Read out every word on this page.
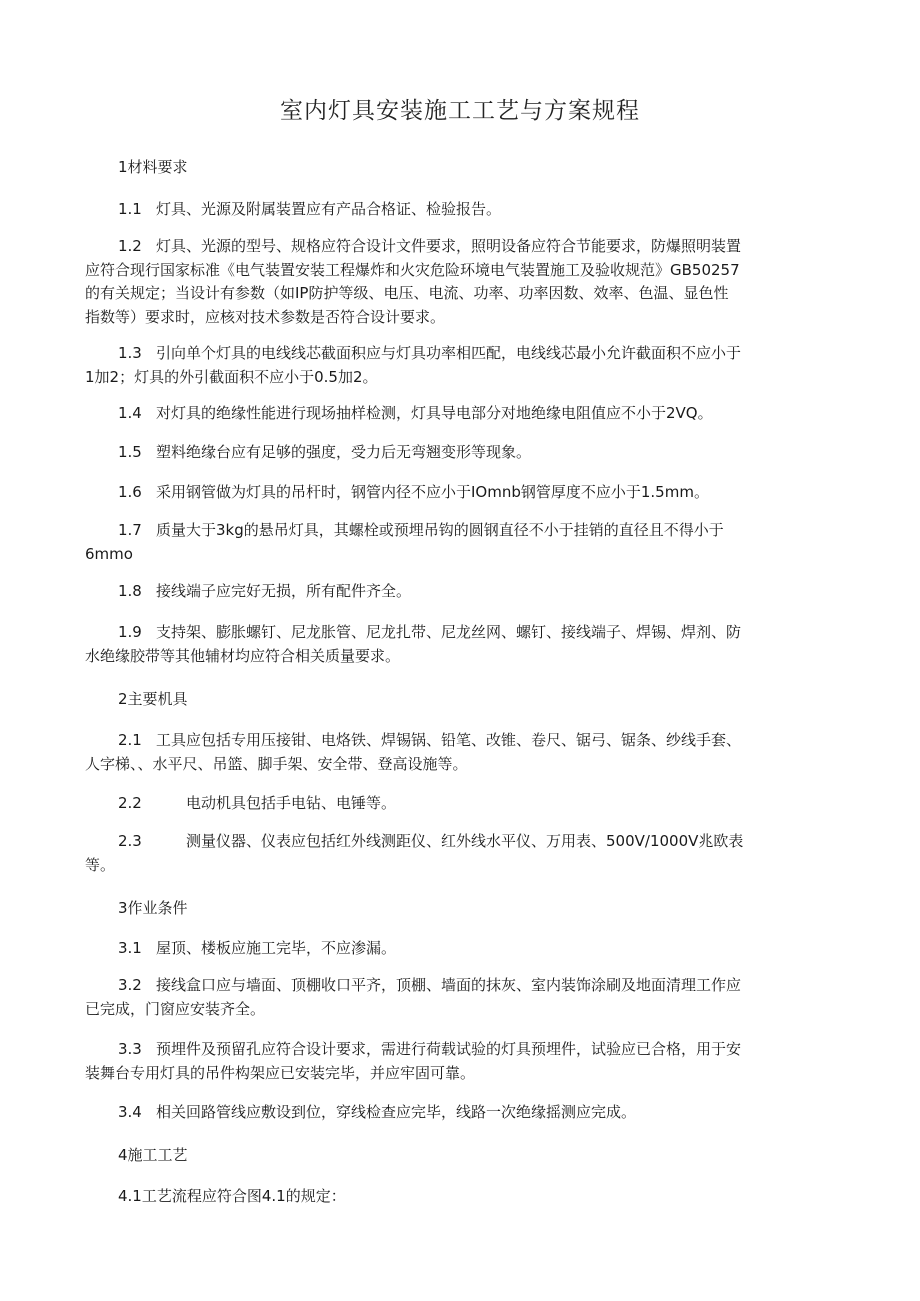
室内灯具安装施工工艺与方案规程
1材料要求
1.1 灯具、光源及附属装置应有产品合格证、检验报告。
1.2 灯具、光源的型号、规格应符合设计文件要求，照明设备应符合节能要求，防爆照明装置
应符合现行国家标准《电气装置安装工程爆炸和火灾危险环境电气装置施工及验收规范》GB50257
的有关规定；当设计有参数（如IP防护等级、电压、电流、功率、功率因数、效率、色温、显色性
指数等）要求时，应核对技术参数是否符合设计要求。
1.3 引向单个灯具的电线线芯截面积应与灯具功率相匹配，电线线芯最小允许截面积不应小于
1加2；灯具的外引截面积不应小于0.5加2。
1.4 对灯具的绝缘性能进行现场抽样检测，灯具导电部分对地绝缘电阻值应不小于2VQ。
1.5 塑料绝缘台应有足够的强度，受力后无弯翘变形等现象。
1.6 采用钢管做为灯具的吊杆时，钢管内径不应小于IOmnb钢管厚度不应小于1.5mm。
1.7 质量大于3kg的悬吊灯具，其螺栓或预埋吊钩的圆钢直径不小于挂销的直径且不得小于
6mmo
1.8 接线端子应完好无损，所有配件齐全。
1.9 支持架、膨胀螺钉、尼龙胀管、尼龙扎带、尼龙丝网、螺钉、接线端子、焊锡、焊剂、防
水绝缘胶带等其他辅材均应符合相关质量要求。
2主要机具
2.1 工具应包括专用压接钳、电烙铁、焊锡锅、铅笔、改锥、卷尺、锯弓、锯条、纱线手套、
人字梯、、水平尺、吊篮、脚手架、安全带、登高设施等。
2.2	电动机具包括手电钻、电锤等。
2.3	测量仪器、仪表应包括红外线测距仪、红外线水平仪、万用表、500V/1000V兆欧表
等。
3作业条件
3.1 屋顶、楼板应施工完毕，不应渗漏。
3.2 接线盒口应与墙面、顶棚收口平齐，顶棚、墙面的抹灰、室内装饰涂刷及地面清理工作应
已完成，门窗应安装齐全。
3.3 预埋件及预留孔应符合设计要求，需进行荷载试验的灯具预埋件，试验应已合格，用于安
装舞台专用灯具的吊件构架应已安装完毕，并应牢固可靠。
3.4 相关回路管线应敷设到位，穿线检查应完毕，线路一次绝缘摇测应完成。
4施工工艺
4.1工艺流程应符合图4.1的规定：
